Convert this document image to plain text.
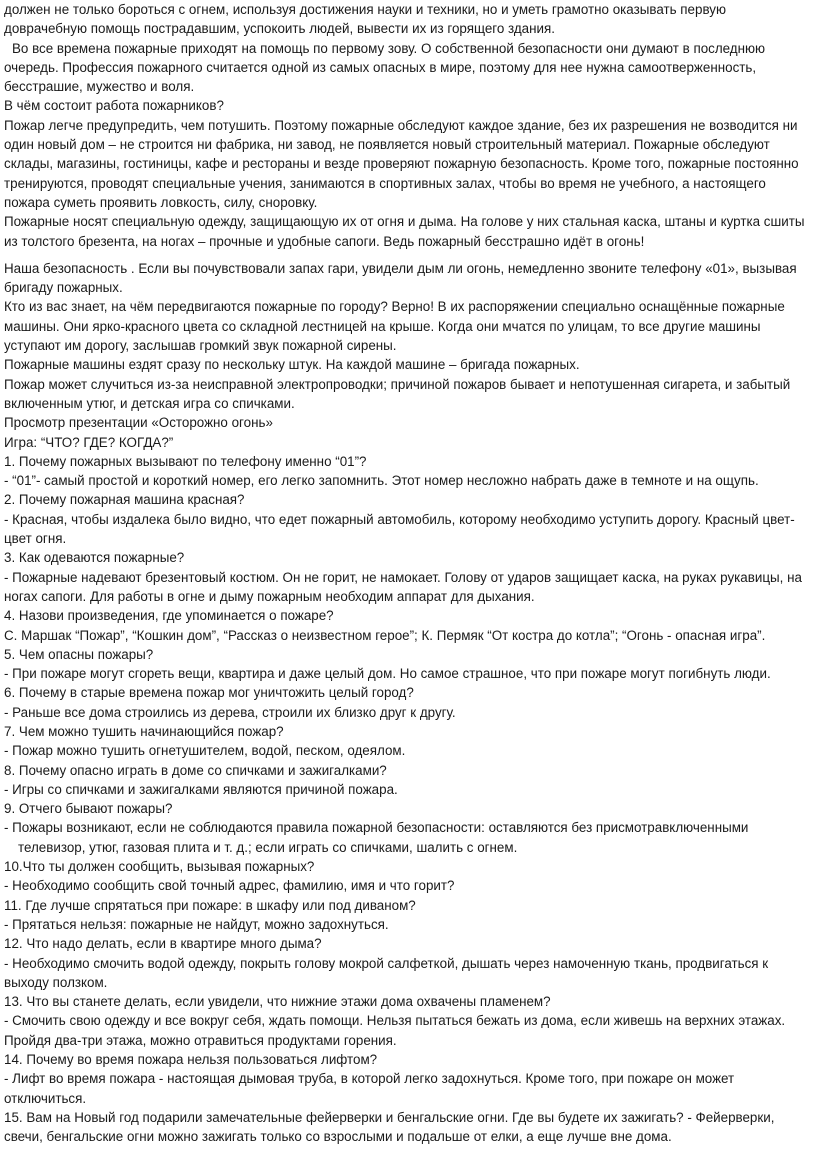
должен не только бороться с огнем, используя достижения науки и техники, но и уметь грамотно оказывать первую доврачебную помощь пострадавшим, успокоить людей, вывести их из горящего здания.

Во все времена пожарные приходят на помощь по первому зову. О собственной безопасности они думают в последнюю очередь. Профессия пожарного считается одной из самых опасных в мире, поэтому для нее нужна самоотверженность, бесстрашие, мужество и воля.

В чём состоит работа пожарников?

Пожар легче предупредить, чем потушить. Поэтому пожарные обследуют каждое здание, без их разрешения не возводится ни один новый дом – не строится ни фабрика, ни завод, не появляется новый строительный материал. Пожарные обследуют склады, магазины, гостиницы, кафе и рестораны и везде проверяют пожарную безопасность. Кроме того, пожарные постоянно тренируются, проводят специальные учения, занимаются в спортивных залах, чтобы во время не учебного, а настоящего пожара суметь проявить ловкость, силу, сноровку.

Пожарные носят специальную одежду, защищающую их от огня и дыма. На голове у них стальная каска, штаны и куртка сшиты из толстого брезента, на ногах – прочные и удобные сапоги. Ведь пожарный бесстрашно идёт в огонь!

Наша безопасность . Если вы почувствовали запах гари, увидели дым ли огонь, немедленно звоните телефону «01», вызывая бригаду пожарных.

Кто из вас знает, на чём передвигаются пожарные по городу? Верно! В их распоряжении специально оснащённые пожарные машины. Они ярко-красного цвета со складной лестницей на крыше. Когда они мчатся по улицам, то все другие машины уступают им дорогу, заслышав громкий звук пожарной сирены.

Пожарные машины ездят сразу по нескольку штук. На каждой машине – бригада пожарных.

Пожар может случиться из-за неисправной электропроводки; причиной пожаров бывает и непотушенная сигарета, и забытый включенным утюг, и детская игра со спичками.

Просмотр презентации «Осторожно огонь»

Игра: “ЧТО? ГДЕ? КОГДА?”

1. Почему пожарных вызывают по телефону именно “01”?

- “01”- самый простой и короткий номер, его легко запомнить. Этот номер несложно набрать даже в темноте и на ощупь.

2. Почему пожарная машина красная?

- Красная, чтобы издалека было видно, что едет пожарный автомобиль, которому необходимо уступить дорогу. Красный цвет-цвет огня.

3. Как одеваются пожарные?

- Пожарные надевают брезентовый костюм. Он не горит, не намокает. Голову от ударов защищает каска, на руках рукавицы, на ногах сапоги. Для работы в огне и дыму пожарным необходим аппарат для дыхания.

4. Назови произведения, где упоминается о пожаре?

С. Маршак “Пожар”, “Кошкин дом”, “Рассказ о неизвестном герое”; К. Пермяк “От костра до котла”; “Огонь - опасная игра”.

5. Чем опасны пожары?

- При пожаре могут сгореть вещи, квартира и даже целый дом. Но самое страшное, что при пожаре могут погибнуть люди.

6. Почему в старые времена пожар мог уничтожить целый город?

- Раньше все дома строились из дерева, строили их близко друг к другу.

7. Чем можно тушить начинающийся пожар?

- Пожар можно тушить огнетушителем, водой, песком, одеялом.

8. Почему опасно играть в доме со спичками и зажигалками?

- Игры со спичками и зажигалками являются причиной пожара.

9. Отчего бывают пожары?

- Пожары возникают, если не соблюдаются правила пожарной безопасности: оставляются без присмотравключенными телевизор, утюг, газовая плита и т. д.; если играть со спичками, шалить с огнем.

10.Что ты должен сообщить, вызывая пожарных?

- Необходимо сообщить свой точный адрес, фамилию, имя и что горит?

11. Где лучше спрятаться при пожаре: в шкафу или под диваном?

- Прятаться нельзя: пожарные не найдут, можно задохнуться.

12. Что надо делать, если в квартире много дыма?

- Необходимо смочить водой одежду, покрыть голову мокрой салфеткой, дышать через намоченную ткань, продвигаться к выходу ползком.

13. Что вы станете делать, если увидели, что нижние этажи дома охвачены пламенем?

- Смочить свою одежду и все вокруг себя, ждать помощи. Нельзя пытаться бежать из дома, если живешь на верхних этажах. Пройдя два-три этажа, можно отравиться продуктами горения.

14. Почему во время пожара нельзя пользоваться лифтом?

- Лифт во время пожара - настоящая дымовая труба, в которой легко задохнуться. Кроме того, при пожаре он может отключиться.

15. Вам на Новый год подарили замечательные фейерверки и бенгальские огни. Где вы будете их зажигать? - Фейерверки, свечи, бенгальские огни можно зажигать только со взрослыми и подальше от елки, а еще лучше вне дома.
